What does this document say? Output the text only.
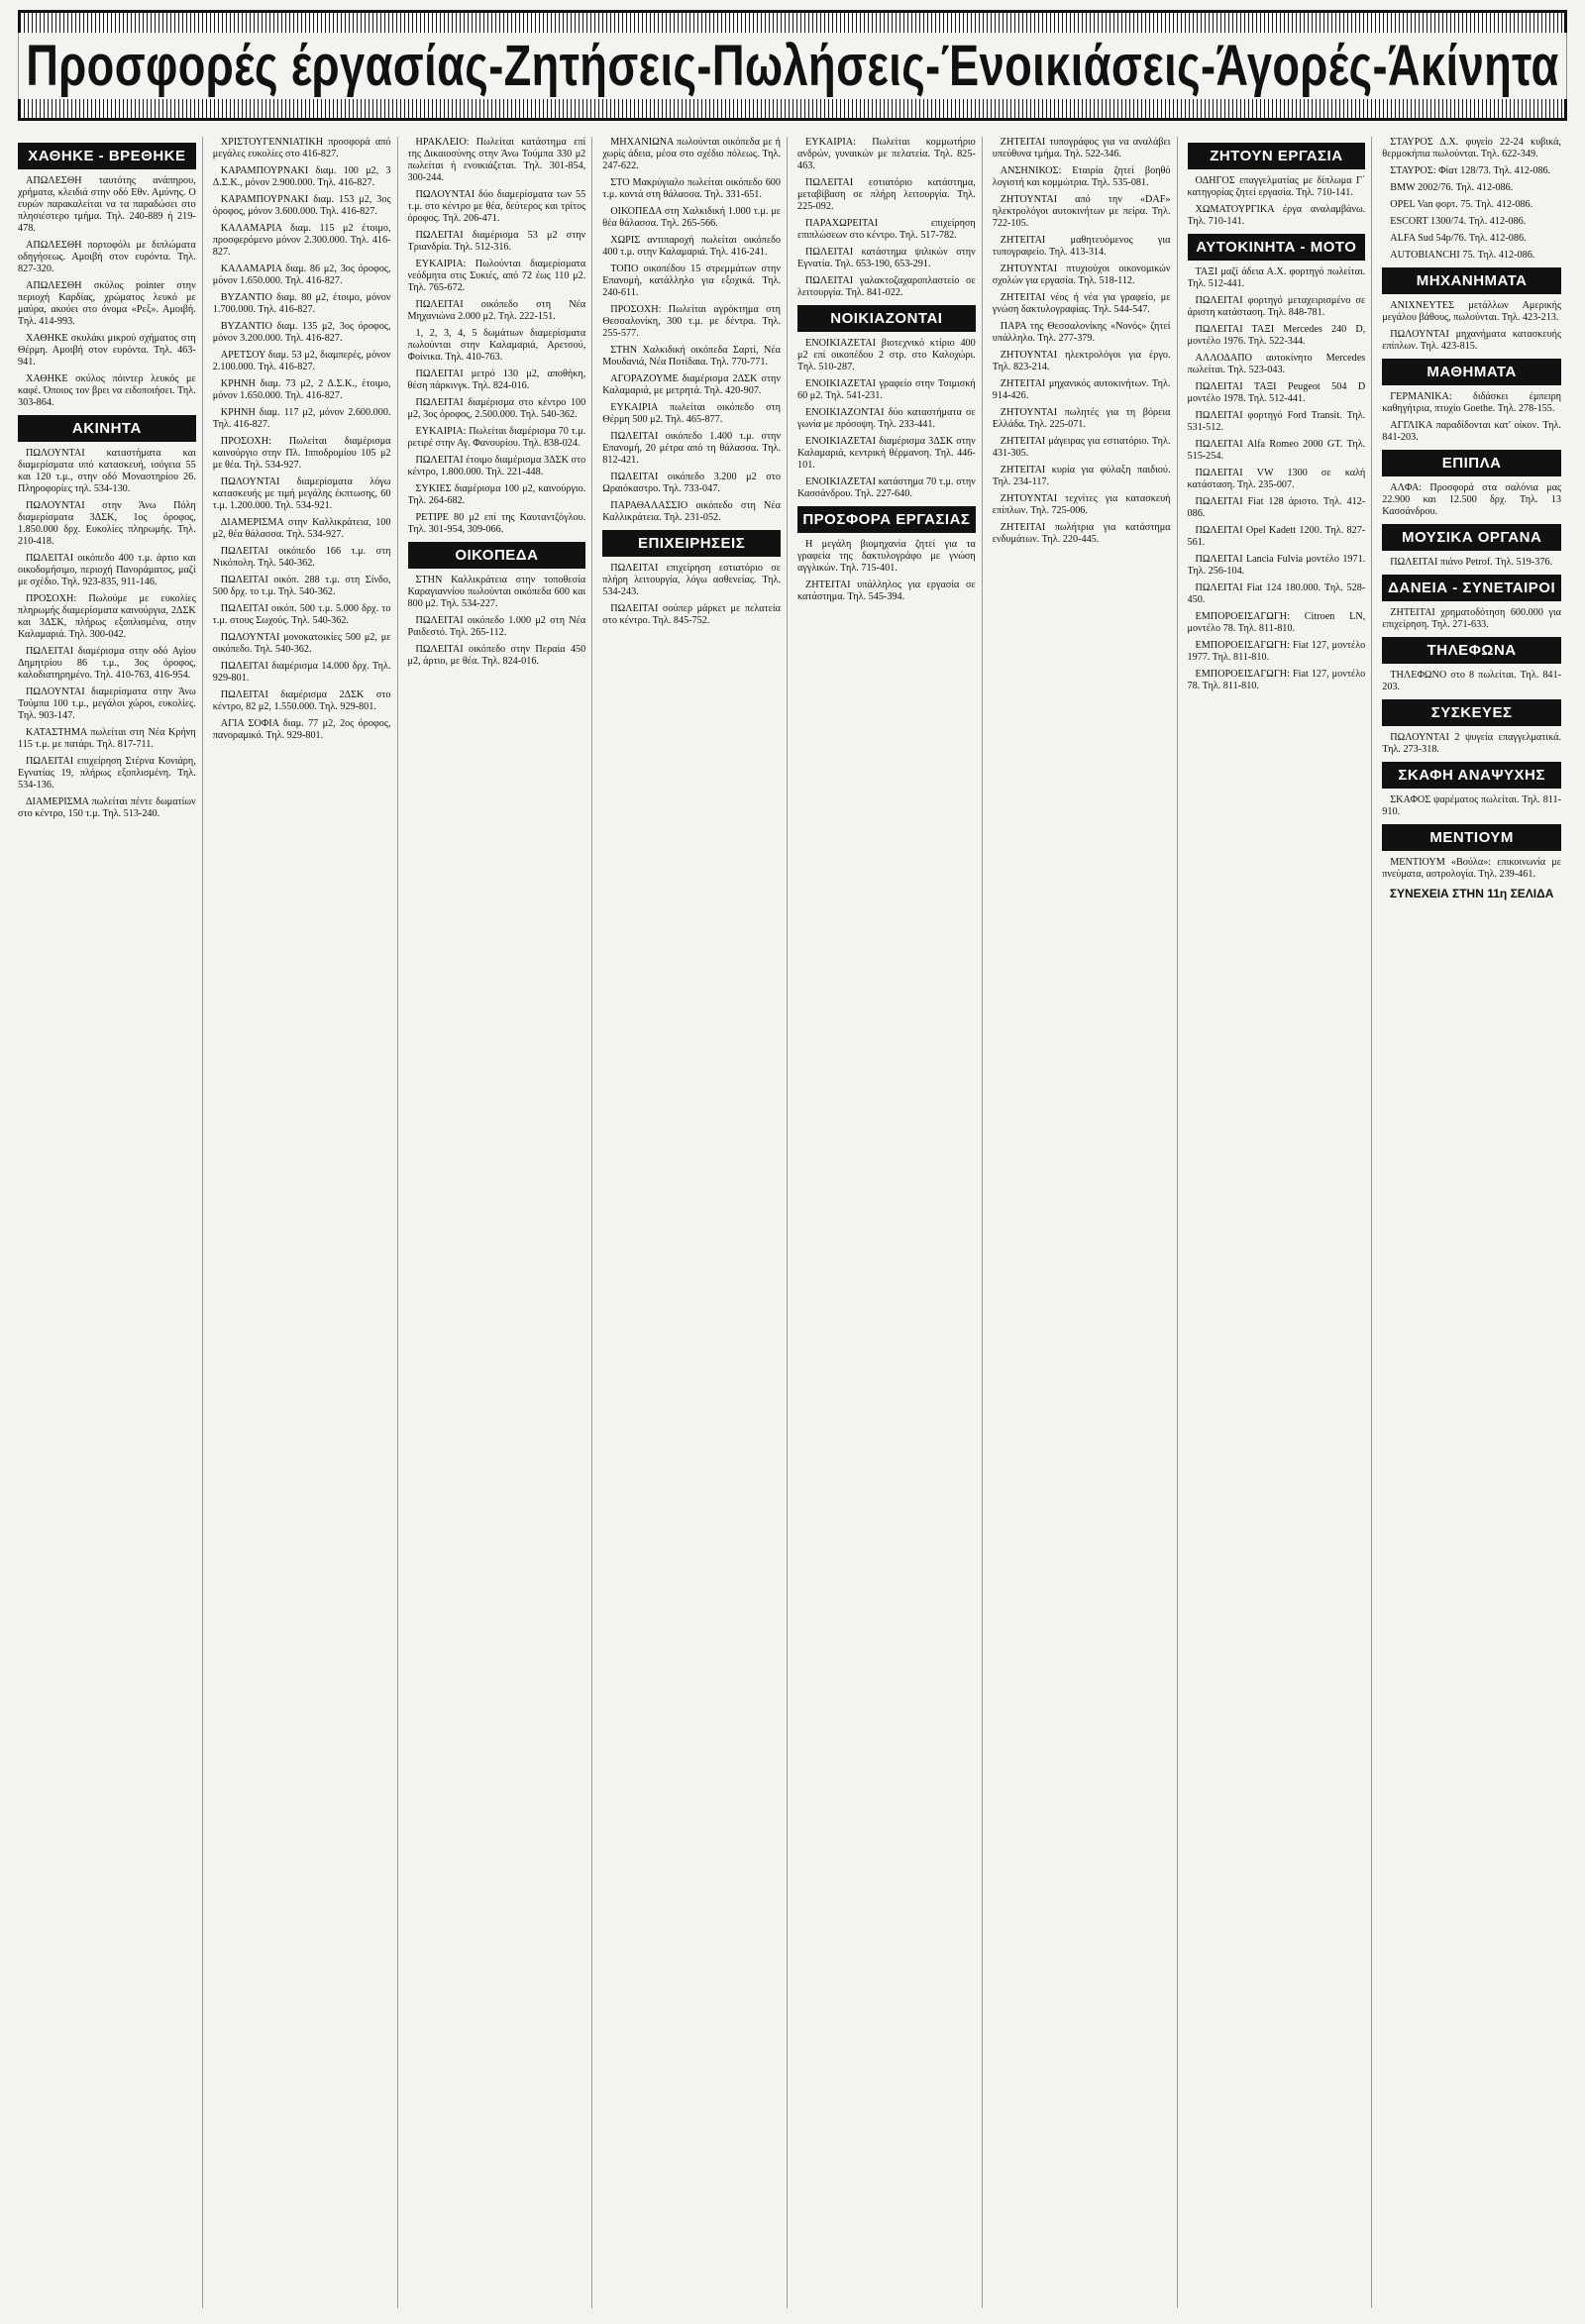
Προσφορές έργασίας-Ζητήσεις-Πωλήσεις-Ένοικιάσεις-Άγορές-Άκίνητα
ΧΑΘΗΚΕ - ΒΡΕΘΗΚΕ
ΑΠΩΛΕΣΘΗ ταυτότης ανάπηρου, χρήματα, κλειδιά στην οδό Εθν. Αμύνης. Ο ευρών παρακαλείται να τα παραδώσει στο πλησιέστερο τμήμα. Τηλ. 240-889 ή 219-478.
ΑΠΩΛΕΣΘΗ πορτοφόλι με διπλώματα οδηγήσεως. Αμοιβή στον ευρόντα. Τηλ. 827-320.
ΑΠΩΛΕΣΘΗ σκύλος pointer στην περιοχή Καρδίας, χρώματος λευκό με μαύρα, ακούει στο όνομα «Ρεξ». Αμοιβή. Τηλ. 414-993.
ΧΑΘΗΚΕ σκυλάκι μικρού σχήματος στη Θέρμη. Αμοιβή στον ευρόντα. Τηλ. 463-941.
ΧΑΘΗΚΕ σκύλος πόιντερ λευκός με καφέ. Όποιος τον βρει να ειδοποιήσει. Τηλ. 303-864.
ΑΚΙΝΗΤΑ
ΠΩΛΟΥΝΤΑΙ καταστήματα και διαμερίσματα υπό κατασκευή, ισόγεια 55 και 120 τ.μ., στην οδό Μοναστηρίου 26. Πληροφορίες τηλ. 534-130.
ΠΩΛΟΥΝΤΑΙ στην Άνω Πόλη διαμερίσματα 3ΔΣΚ, 1ος όροφος, 1.850.000 δρχ. Ευκολίες πληρωμής. Τηλ. 210-418.
ΠΩΛΕΙΤΑΙ οικόπεδο 400 τ.μ. άρτιο και οικοδομήσιμο, περιοχή Πανοράματος, μαζί με σχέδιο. Τηλ. 923-835, 911-146.
ΠΡΟΣΟΧΗ: Πωλούμε με ευκολίες πληρωμής διαμερίσματα καινούργια, 2ΔΣΚ και 3ΔΣΚ, πλήρως εξοπλισμένα, στην Καλαμαριά. Τηλ. 300-042.
ΠΩΛΕΙΤΑΙ διαμέρισμα στην οδό Αγίου Δημητρίου 86 τ.μ., 3ος όροφος, καλοδιατηρημένο. Τηλ. 410-763, 416-954.
ΠΩΛΟΥΝΤΑΙ διαμερίσματα στην Άνω Τούμπα 100 τ.μ., μεγάλοι χώροι, ευκολίες. Τηλ. 903-147.
ΚΑΤΑΣΤΗΜΑ πωλείται στη Νέα Κρήνη 115 τ.μ. με πατάρι. Τηλ. 817-711.
ΠΩΛΕΙΤΑΙ επιχείρηση Στέρνα Κονιάρη, Εγνατίας 19, πλήρως εξοπλισμένη. Τηλ. 534-136.
ΔΙΑΜΕΡΙΣΜΑ πωλείται πέντε δωματίων στο κέντρο, 150 τ.μ. Τηλ. 513-240.
ΧΡΙΣΤΟΥΓΕΝΝΙΑΤΙΚΗ προσφορά από μεγάλες ευκολίες στο 416-827.
ΚΑΡΑΜΠΟΥΡΝΑΚΙ διαμ. 100 μ2, 3 Δ.Σ.Κ., μόνον 2.900.000. Τηλ. 416-827.
ΚΑΡΑΜΠΟΥΡΝΑΚΙ διαμ. 153 μ2, 3ος όροφος, μόνον 3.600.000. Τηλ. 416-827.
ΚΑΛΑΜΑΡΙΑ διαμ. 115 μ2 έτοιμο, προσφερόμενο μόνον 2.300.000. Τηλ. 416-827.
ΚΑΛΑΜΑΡΙΑ διαμ. 86 μ2, 3ος όροφος, μόνον 1.650.000. Τηλ. 416-827.
ΒΥΖΑΝΤΙΟ διαμ. 80 μ2, έτοιμο, μόνον 1.700.000. Τηλ. 416-827.
ΒΥΖΑΝΤΙΟ διαμ. 135 μ2, 3ος όροφος, μόνον 3.200.000. Τηλ. 416-827.
ΑΡΕΤΣΟΥ διαμ. 53 μ2, διαμπερές, μόνον 2.100.000. Τηλ. 416-827.
ΚΡΗΝΗ διαμ. 73 μ2, 2 Δ.Σ.Κ., έτοιμο, μόνον 1.650.000. Τηλ. 416-827.
ΚΡΗΝΗ διαμ. 117 μ2, μόνον 2.600.000. Τηλ. 416-827.
ΠΡΟΣΟΧΗ: Πωλείται διαμέρισμα καινούργιο στην Πλ. Ιπποδρομίου 105 μ2 με θέα. Τηλ. 534-927.
ΠΩΛΟΥΝΤΑΙ διαμερίσματα λόγω κατασκευής με τιμή μεγάλης έκπτωσης, 60 τ.μ. 1.200.000. Τηλ. 534-921.
ΔΙΑΜΕΡΙΣΜΑ στην Καλλικράτεια, 100 μ2, θέα θάλασσα. Τηλ. 534-927.
ΠΩΛΕΙΤΑΙ οικόπεδο 166 τ.μ. στη Νικόπολη. Τηλ. 540-362.
ΠΩΛΕΙΤΑΙ οικόπ. 288 τ.μ. στη Σίνδο, 500 δρχ. το τ.μ. Τηλ. 540-362.
ΠΩΛΕΙΤΑΙ οικόπ. 500 τ.μ. 5.000 δρχ. το τ.μ. στους Σωχούς. Τηλ. 540-362.
ΠΩΛΟΥΝΤΑΙ μονοκατοικίες 500 μ2, με οικόπεδο. Τηλ. 540-362.
ΠΩΛΕΙΤΑΙ διαμέρισμα 14.000 δρχ. Τηλ. 929-801.
ΠΩΛΕΙΤΑΙ διαμέρισμα 2ΔΣΚ στο κέντρο, 82 μ2, 1.550.000. Τηλ. 929-801.
ΑΓΙΑ ΣΟΦΙΑ διαμ. 77 μ2, 2ος όροφος, πανοραμικό. Τηλ. 929-801.
ΗΡΑΚΛΕΙΟ: Πωλείται κατάστημα επί της Δικαιοσύνης στην Άνω Τούμπα 330 μ2 πωλείται ή ενοικιάζεται. Τηλ. 301-854, 300-244.
ΠΩΛΟΥΝΤΑΙ δύο διαμερίσματα των 55 τ.μ. στο κέντρο με θέα, δεύτερος και τρίτος όροφος. Τηλ. 206-471.
ΠΩΛΕΙΤΑΙ διαμέρισμα 53 μ2 στην Τριανδρία. Τηλ. 512-316.
ΕΥΚΑΙΡΙΑ: Πωλούνται διαμερίσματα νεόδμητα στις Συκιές, από 72 έως 110 μ2. Τηλ. 765-672.
ΠΩΛΕΙΤΑΙ οικόπεδο στη Νέα Μηχανιώνα 2.000 μ2. Τηλ. 222-151.
1, 2, 3, 4, 5 δωμάτιων διαμερίσματα πωλούνται στην Καλαμαριά, Αρετσού, Φοίνικα. Τηλ. 410-763.
ΠΩΛΕΙΤΑΙ μετρό 130 μ2, αποθήκη, θέση πάρκινγκ. Τηλ. 824-016.
ΠΩΛΕΙΤΑΙ διαμέρισμα στο κέντρο 100 μ2, 3ος όροφος, 2.500.000. Τηλ. 540-362.
ΕΥΚΑΙΡΙΑ: Πωλείται διαμέρισμα 70 τ.μ. ρετιρέ στην Αγ. Φανουρίου. Τηλ. 838-024.
ΠΩΛΕΙΤΑΙ έτοιμο διαμέρισμα 3ΔΣΚ στο κέντρο, 1.800.000. Τηλ. 221-448.
ΣΥΚΙΕΣ διαμέρισμα 100 μ2, καινούργιο. Τηλ. 264-682.
ΡΕΤΙΡΕ 80 μ2 επί της Καυταντζόγλου. Τηλ. 301-954, 309-066.
ΟΙΚΟΠΕΔΑ
ΣΤΗΝ Καλλικράτεια στην τοποθεσία Καραγιαννίου πωλούνται οικόπεδα 600 και 800 μ2. Τηλ. 534-227.
ΠΩΛΕΙΤΑΙ οικόπεδο 1.000 μ2 στη Νέα Ραιδεστό. Τηλ. 265-112.
ΠΩΛΕΙΤΑΙ οικόπεδο στην Περαία 450 μ2, άρτιο, με θέα. Τηλ. 824-016.
ΜΗΧΑΝΙΩΝΑ πωλούνται οικόπεδα με ή χωρίς άδεια, μέσα στο σχέδιο πόλεως. Τηλ. 247-622.
ΣΤΟ Μακρύγιαλο πωλείται οικόπεδο 600 τ.μ. κοντά στη θάλασσα. Τηλ. 331-651.
ΟΙΚΟΠΕΔΑ στη Χαλκιδική 1.000 τ.μ. με θέα θάλασσα. Τηλ. 265-566.
ΧΩΡΙΣ αντιπαροχή πωλείται οικόπεδο 400 τ.μ. στην Καλαμαριά. Τηλ. 416-241.
ΤΟΠΟ οικοπέδου 15 στρεμμάτων στην Επανομή, κατάλληλο για εξοχικά. Τηλ. 240-611.
ΠΡΟΣΟΧΗ: Πωλείται αγρόκτημα στη Θεσσαλονίκη, 300 τ.μ. με δέντρα. Τηλ. 255-577.
ΣΤΗΝ Χαλκιδική οικόπεδα Σαρτί, Νέα Μουδανιά, Νέα Ποτίδαια. Τηλ. 770-771.
ΑΓΟΡΑΖΟΥΜΕ διαμέρισμα 2ΔΣΚ στην Καλαμαριά, με μετρητά. Τηλ. 420-907.
ΕΥΚΑΙΡΙΑ πωλείται οικόπεδο στη Θέρμη 500 μ2. Τηλ. 465-877.
ΠΩΛΕΙΤΑΙ οικόπεδο 1.400 τ.μ. στην Επανομή, 20 μέτρα από τη θάλασσα. Τηλ. 812-421.
ΠΩΛΕΙΤΑΙ οικόπεδο 3.200 μ2 στο Ωραιόκαστρο. Τηλ. 733-047.
ΠΑΡΑΘΑΛΑΣΣΙΟ οικόπεδο στη Νέα Καλλικράτεια. Τηλ. 231-052.
ΕΠΙΧΕΙΡΗΣΕΙΣ
ΠΩΛΕΙΤΑΙ επιχείρηση εστιατόριο σε πλήρη λειτουργία, λόγω ασθενείας. Τηλ. 534-243.
ΠΩΛΕΙΤΑΙ σούπερ μάρκετ με πελατεία στο κέντρο. Τηλ. 845-752.
ΕΥΚΑΙΡΙΑ: Πωλείται κομμωτήριο ανδρών, γυναικών με πελατεία. Τηλ. 825-463.
ΠΩΛΕΙΤΑΙ εστιατόριο κατάστημα, μεταβίβαση σε πλήρη λειτουργία. Τηλ. 225-092.
ΠΑΡΑΧΩΡΕΙΤΑΙ επιχείρηση επιπλώσεων στο κέντρο. Τηλ. 517-782.
ΠΩΛΕΙΤΑΙ κατάστημα ψιλικών στην Εγνατία. Τηλ. 653-190, 653-291.
ΠΩΛΕΙΤΑΙ γαλακτοζαχαροπλαστείο σε λειτουργία. Τηλ. 841-022.
ΝΟΙΚΙΑΖΟΝΤΑΙ
ΕΝΟΙΚΙΑΖΕΤΑΙ βιοτεχνικό κτίριο 400 μ2 επί οικοπέδου 2 στρ. στο Καλοχώρι. Τηλ. 510-287.
ΕΝΟΙΚΙΑΖΕΤΑΙ γραφείο στην Τσιμισκή 60 μ2. Τηλ. 541-231.
ΕΝΟΙΚΙΑΖΟΝΤΑΙ δύο καταστήματα σε γωνία με πρόσοψη. Τηλ. 233-441.
ΕΝΟΙΚΙΑΖΕΤΑΙ διαμέρισμα 3ΔΣΚ στην Καλαμαριά, κεντρική θέρμανση. Τηλ. 446-101.
ΕΝΟΙΚΙΑΖΕΤΑΙ κατάστημα 70 τ.μ. στην Κασσάνδρου. Τηλ. 227-640.
ΠΡΟΣΦΟΡΑ ΕΡΓΑΣΙΑΣ
Η μεγάλη βιομηχανία ζητεί για τα γραφεία της δακτυλογράφο με γνώση αγγλικών. Τηλ. 715-401.
ΖΗΤΕΙΤΑΙ υπάλληλος για εργασία σε κατάστημα. Τηλ. 545-394.
ΖΗΤΕΙΤΑΙ τυπογράφος για να αναλάβει υπεύθυνα τμήμα. Τηλ. 522-346.
ΑΝΣΗΝΙΚΟΣ: Εταιρία ζητεί βοηθό λογιστή και κομμώτρια. Τηλ. 535-081.
ΖΗΤΟΥΝΤΑΙ από την «DAF» ηλεκτρολόγοι αυτοκινήτων με πείρα. Τηλ. 722-105.
ΖΗΤΕΙΤΑΙ μαθητευόμενος για τυπογραφείο. Τηλ. 413-314.
ΖΗΤΟΥΝΤΑΙ πτυχιούχοι οικονομικών σχολών για εργασία. Τηλ. 518-112.
ΖΗΤΕΙΤΑΙ νέος ή νέα για γραφείο, με γνώση δακτυλογραφίας. Τηλ. 544-547.
ΠΑΡΑ της Θεσσαλονίκης «Νονός» ζητεί υπάλληλο. Τηλ. 277-379.
ΖΗΤΟΥΝΤΑΙ ηλεκτρολόγοι για έργο. Τηλ. 823-214.
ΖΗΤΕΙΤΑΙ μηχανικός αυτοκινήτων. Τηλ. 914-426.
ΖΗΤΟΥΝΤΑΙ πωλητές για τη βόρεια Ελλάδα. Τηλ. 225-071.
ΖΗΤΕΙΤΑΙ μάγειρας για εστιατόριο. Τηλ. 431-305.
ΖΗΤΕΙΤΑΙ κυρία για φύλαξη παιδιού. Τηλ. 234-117.
ΖΗΤΟΥΝΤΑΙ τεχνίτες για κατασκευή επίπλων. Τηλ. 725-006.
ΖΗΤΕΙΤΑΙ πωλήτρια για κατάστημα ενδυμάτων. Τηλ. 220-445.
ΖΗΤΟΥΝ ΕΡΓΑΣΙΑ
ΟΔΗΓΟΣ επαγγελματίας με δίπλωμα Γ΄ κατηγορίας ζητεί εργασία. Τηλ. 710-141.
ΧΩΜΑΤΟΥΡΓΙΚΑ έργα αναλαμβάνω. Τηλ. 710-141.
ΑΥΤΟΚΙΝΗΤΑ - ΜΟΤΟ
ΤΑΞΙ μαζί άδεια Α.Χ. φορτηγό πωλείται. Τηλ. 512-441.
ΠΩΛΕΙΤΑΙ φορτηγό μεταχειρισμένο σε άριστη κατάσταση. Τηλ. 848-781.
ΠΩΛΕΙΤΑΙ ΤΑΞΙ Mercedes 240 D, μοντέλο 1976. Τηλ. 522-344.
ΑΛΛΟΔΑΠΟ αυτοκίνητο Mercedes πωλείται. Τηλ. 523-043.
ΠΩΛΕΙΤΑΙ ΤΑΞΙ Peugeot 504 D μοντέλο 1978. Τηλ. 512-441.
ΠΩΛΕΙΤΑΙ φορτηγό Ford Transit. Τηλ. 531-512.
ΠΩΛΕΙΤΑΙ Alfa Romeo 2000 GT. Τηλ. 515-254.
ΠΩΛΕΙΤΑΙ VW 1300 σε καλή κατάσταση. Τηλ. 235-007.
ΠΩΛΕΙΤΑΙ Fiat 128 άριστο. Τηλ. 412-086.
ΠΩΛΕΙΤΑΙ Opel Kadett 1200. Τηλ. 827-561.
ΠΩΛΕΙΤΑΙ Lancia Fulvia μοντέλο 1971. Τηλ. 256-104.
ΠΩΛΕΙΤΑΙ Fiat 124 180.000. Τηλ. 528-450.
ΕΜΠΟΡΟΕΙΣΑΓΩΓΗ: Citroen LN, μοντέλο 78. Τηλ. 811-810.
ΕΜΠΟΡΟΕΙΣΑΓΩΓΗ: Fiat 127, μοντέλο 1977. Τηλ. 811-810.
ΕΜΠΟΡΟΕΙΣΑΓΩΓΗ: Fiat 127, μοντέλο 78. Τηλ. 811-810.
ΣΤΑΥΡΟΣ Δ.Χ. φυγείο 22-24 κυβικά, θερμοκήπια πωλούνται. Τηλ. 622-349.
ΣΤΑΥΡΟΣ: Φίατ 128/73. Τηλ. 412-086.
BMW 2002/76. Τηλ. 412-086.
OPEL Van φορτ. 75. Τηλ. 412-086.
ESCORT 1300/74. Τηλ. 412-086.
ALFA Sud 54p/76. Τηλ. 412-086.
AUTOBIANCHI 75. Τηλ. 412-086.
ΜΗΧΑΝΗΜΑΤΑ
ΑΝΙΧΝΕΥΤΕΣ μετάλλων Αμερικής μεγάλου βάθους, πωλούνται. Τηλ. 423-213.
ΠΩΛΟΥΝΤΑΙ μηχανήματα κατασκευής επίπλων. Τηλ. 423-815.
ΜΑΘΗΜΑΤΑ
ΓΕΡΜΑΝΙΚΑ: διδάσκει έμπειρη καθηγήτρια, πτυχίο Goethe. Τηλ. 278-155.
ΑΓΓΛΙΚΑ παραδίδονται κατ' οίκον. Τηλ. 841-203.
ΕΠΙΠΛΑ
ΑΛΦΑ: Προσφορά στα σαλόνια μας 22.900 και 12.500 δρχ. Τηλ. 13 Κασσάνδρου.
ΜΟΥΣΙΚΑ ΟΡΓΑΝΑ
ΠΩΛΕΙΤΑΙ πιάνο Petrof. Τηλ. 519-376.
ΔΑΝΕΙΑ - ΣΥΝΕΤΑΙΡΟΙ
ΖΗΤΕΙΤΑΙ χρηματοδότηση 600.000 για επιχείρηση. Τηλ. 271-633.
ΤΗΛΕΦΩΝΑ
ΤΗΛΕΦΩΝΟ στο 8 πωλείται. Τηλ. 841-203.
ΣΥΣΚΕΥΕΣ
ΠΩΛΟΥΝΤΑΙ 2 ψυγεία επαγγελματικά. Τηλ. 273-318.
ΣΚΑΦΗ ΑΝΑΨΥΧΗΣ
ΣΚΑΦΟΣ ψαρέματος πωλείται. Τηλ. 811-910.
ΜΕΝΤΙΟΥΜ
ΜΕΝΤΙΟΥΜ «Βούλα»: επικοινωνία με πνεύματα, αστρολογία. Τηλ. 239-461.
ΣΥΝΕΧΕΙΑ ΣΤΗΝ 11η ΣΕΛΙΔΑ
